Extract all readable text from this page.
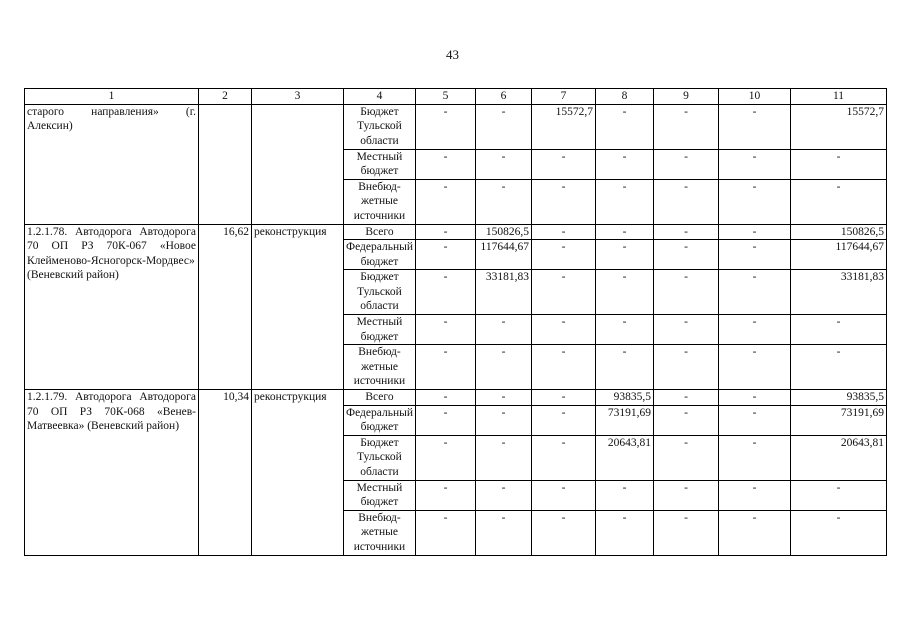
43
1	2	3	4	5	6	7	8	9	10	11
старого направления» (г. Алексин)			Бюджет Тульской области	-	-	15572,7	-	-	-	15572,7
			Местный бюджет	-	-	-	-	-	-	-
			Внебюд-жетные источники	-	-	-	-	-	-	-
1.2.1.78. Автодорога Автодорога 70 ОП РЗ 70К-067 «Новое Клейменово-Ясногорск-Мордвес» (Веневский район)	16,62	реконструкция	Всего	-	150826,5	-	-	-	-	150826,5
			Федеральный бюджет	-	117644,67	-	-	-	-	117644,67
			Бюджет Тульской области	-	33181,83	-	-	-	-	33181,83
			Местный бюджет	-	-	-	-	-	-	-
			Внебюд-жетные источники	-	-	-	-	-	-	-
1.2.1.79. Автодорога Автодорога 70 ОП РЗ 70К-068 «Венев-Матвеевка» (Веневский район)	10,34	реконструкция	Всего	-	-	-	93835,5	-	-	93835,5
			Федеральный бюджет	-	-	-	73191,69	-	-	73191,69
			Бюджет Тульской области	-	-	-	20643,81	-	-	20643,81
			Местный бюджет	-	-	-	-	-	-	-
			Внебюд-жетные источники	-	-	-	-	-	-	-
